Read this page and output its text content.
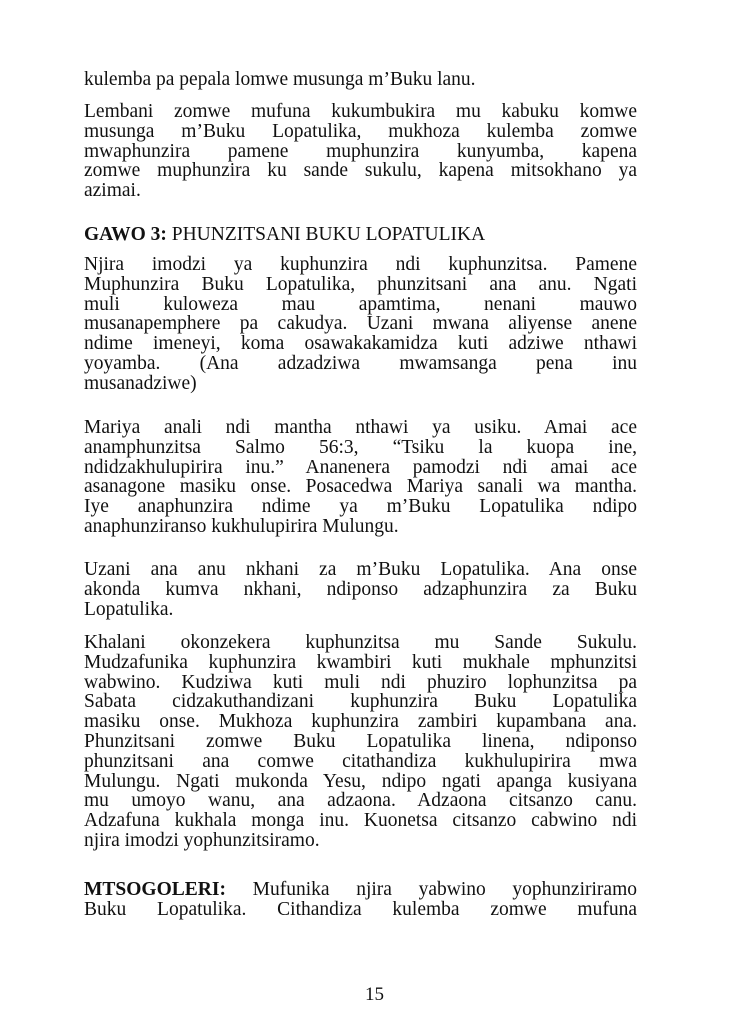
kulemba pa pepala lomwe musunga m’Buku lanu.
Lembani zomwe mufuna kukumbukira mu kabuku komwe
musunga m’Buku Lopatulika, mukhoza kulemba zomwe
mwaphunzira pamene muphunzira kunyumba, kapena
zomwe muphunzira ku sande sukulu, kapena mitsokhano ya
azimai.
GAWO 3: PHUNZITSANI BUKU LOPATULIKA
Njira imodzi ya kuphunzira ndi kuphunzitsa. Pamene
Muphunzira Buku Lopatulika, phunzitsani ana anu. Ngati
muli kuloweza mau apamtima, nenani mauwo
musanapemphere pa cakudya. Uzani mwana aliyense anene
ndime imeneyi, koma osawakakamidza kuti adziwe nthawi
yoyamba. (Ana adzadziwa mwamsanga pena inu
musanadziwe)
Mariya anali ndi mantha nthawi ya usiku. Amai ace
anamphunzitsa Salmo 56:3, “Tsiku la kuopa ine,
ndidzakhulupirira inu.” Ananenera pamodzi ndi amai ace
asanagone masiku onse. Posacedwa Mariya sanali wa mantha.
Iye anaphunzira ndime ya m’Buku Lopatulika ndipo
anaphunziranso kukhulupirira Mulungu.
Uzani ana anu nkhani za m’Buku Lopatulika. Ana onse
akonda kumva nkhani, ndiponso adzaphunzira za Buku
Lopatulika.
Khalani okonzekera kuphunzitsa mu Sande Sukulu.
Mudzafunika kuphunzira kwambiri kuti mukhale mphunzitsi
wabwino. Kudziwa kuti muli ndi phuziro lophunzitsa pa
Sabata cidzakuthandizani kuphunzira Buku Lopatulika
masiku onse. Mukhoza kuphunzira zambiri kupambana ana.
Phunzitsani zomwe Buku Lopatulika linena, ndiponso
phunzitsani ana comwe citathandiza kukhulupirira mwa
Mulungu. Ngati mukonda Yesu, ndipo ngati apanga kusiyana
mu umoyo wanu, ana adzaona. Adzaona citsanzo canu.
Adzafuna kukhala monga inu. Kuonetsa citsanzo cabwino ndi
njira imodzi yophunzitsiramo.
MTSOGOLERI: Mufunika njira yabwino yophunziriramo
Buku Lopatulika. Cithandiza kulemba zomwe mufuna
15
